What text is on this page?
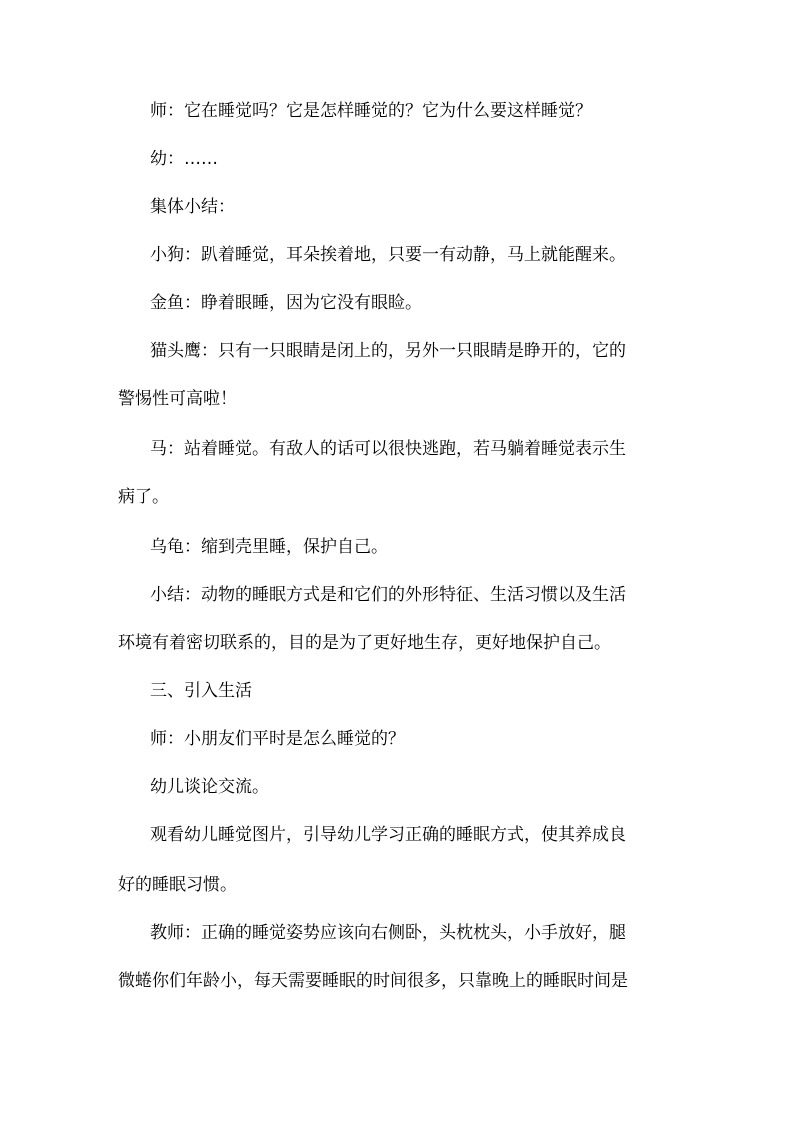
师：它在睡觉吗？它是怎样睡觉的？它为什么要这样睡觉？
幼：……
集体小结：
小狗：趴着睡觉，耳朵挨着地，只要一有动静，马上就能醒来。
金鱼：睁着眼睡，因为它没有眼睑。
猫头鹰：只有一只眼睛是闭上的，另外一只眼睛是睁开的，它的
警惕性可高啦！
马：站着睡觉。有敌人的话可以很快逃跑，若马躺着睡觉表示生
病了。
乌龟：缩到壳里睡，保护自己。
小结：动物的睡眠方式是和它们的外形特征、生活习惯以及生活
环境有着密切联系的，目的是为了更好地生存，更好地保护自己。
三、引入生活
师：小朋友们平时是怎么睡觉的？
幼儿谈论交流。
观看幼儿睡觉图片，引导幼儿学习正确的睡眠方式，使其养成良
好的睡眠习惯。
教师：正确的睡觉姿势应该向右侧卧，头枕枕头，小手放好，腿
微蜷你们年龄小，每天需要睡眠的时间很多，只靠晚上的睡眠时间是
